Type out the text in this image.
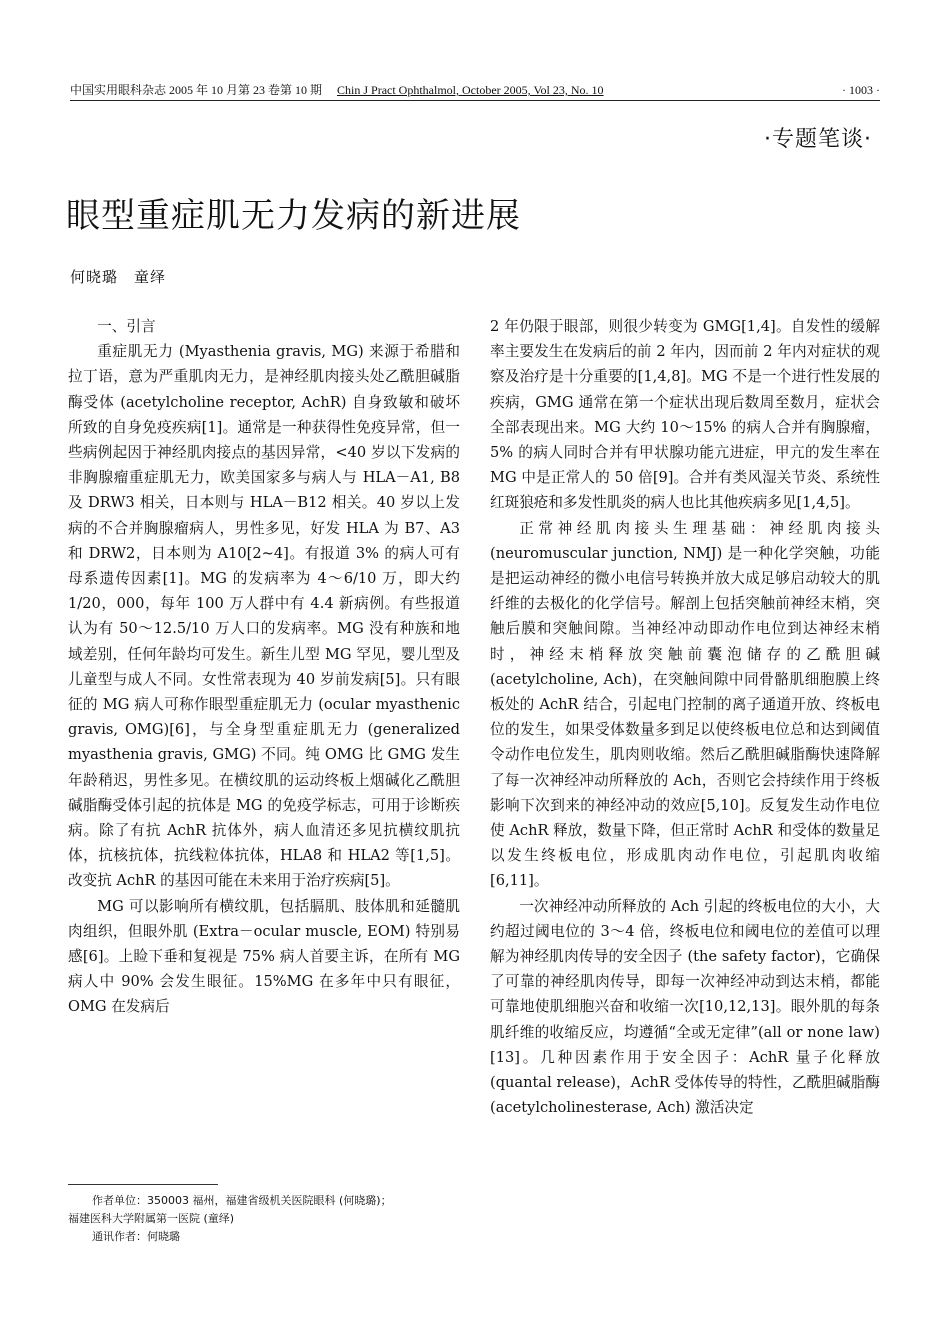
中国实用眼科杂志 2005 年 10 月第 23 卷第 10 期 Chin J Pract Ophthalmol, October 2005, Vol 23, No. 10	· 1003 ·
·专题笔谈·
眼型重症肌无力发病的新进展
何晓璐　童绎

一、引言

重症肌无力 (Myasthenia gravis, MG) 来源于希腊和拉丁语，意为严重肌肉无力，是神经肌肉接头处乙酰胆碱脂酶受体 (acetylcholine receptor, AchR) 自身致敏和破坏所致的自身免疫疾病[1]。通常是一种获得性免疫异常，但一些病例起因于神经肌肉接点的基因异常，<40 岁以下发病的非胸腺瘤重症肌无力，欧美国家多与病人与 HLA－A1, B8 及 DRW3 相关，日本则与 HLA－B12 相关。40 岁以上发病的不合并胸腺瘤病人，男性多见，好发 HLA 为 B7、A3 和 DRW2，日本则为 A10[2~4]。有报道 3% 的病人可有母系遗传因素[1]。MG 的发病率为 4～6/10 万，即大约 1/20，000，每年 100 万人群中有 4.4 新病例。有些报道认为有 50～12.5/10 万人口的发病率。MG 没有种族和地域差别，任何年龄均可发生。新生儿型 MG 罕见，婴儿型及儿童型与成人不同。女性常表现为 40 岁前发病[5]。只有眼征的 MG 病人可称作眼型重症肌无力 (ocular myasthenic gravis, OMG)[6]，与全身型重症肌无力 (generalized myasthenia gravis, GMG) 不同。纯 OMG 比 GMG 发生年龄稍迟，男性多见。在横纹肌的运动终板上烟碱化乙酰胆碱脂酶受体引起的抗体是 MG 的免疫学标志，可用于诊断疾病。除了有抗 AchR 抗体外，病人血清还多见抗横纹肌抗体，抗核抗体，抗线粒体抗体，HLA8 和 HLA2 等[1,5]。改变抗 AchR 的基因可能在未来用于治疗疾病[5]。

MG 可以影响所有横纹肌，包括膈肌、肢体肌和延髓肌肉组织，但眼外肌 (Extra－ocular muscle, EOM) 特别易感[6]。上睑下垂和复视是 75% 病人首要主诉，在所有 MG 病人中 90% 会发生眼征。15%MG 在多年中只有眼征，OMG 在发病后

2 年仍限于眼部，则很少转变为 GMG[1,4]。自发性的缓解率主要发生在发病后的前 2 年内，因而前 2 年内对症状的观察及治疗是十分重要的[1,4,8]。MG 不是一个进行性发展的疾病，GMG 通常在第一个症状出现后数周至数月，症状会全部表现出来。MG 大约 10～15% 的病人合并有胸腺瘤，5% 的病人同时合并有甲状腺功能亢进症，甲亢的发生率在 MG 中是正常人的 50 倍[9]。合并有类风湿关节炎、系统性红斑狼疮和多发性肌炎的病人也比其他疾病多见[1,4,5]。

正常神经肌肉接头生理基础：神经肌肉接头 (neuromuscular junction, NMJ) 是一种化学突触，功能是把运动神经的微小电信号转换并放大成足够启动较大的肌纤维的去极化的化学信号。解剖上包括突触前神经末梢，突触后膜和突触间隙。当神经冲动即动作电位到达神经末梢时，神经末梢释放突触前囊泡储存的乙酰胆碱 (acetylcholine, Ach)，在突触间隙中同骨骼肌细胞膜上终板处的 AchR 结合，引起电门控制的离子通道开放、终板电位的发生，如果受体数量多到足以使终板电位总和达到阈值令动作电位发生，肌肉则收缩。然后乙酰胆碱脂酶快速降解了每一次神经冲动所释放的 Ach，否则它会持续作用于终板影响下次到来的神经冲动的效应[5,10]。反复发生动作电位使 AchR 释放，数量下降，但正常时 AchR 和受体的数量足以发生终板电位，形成肌肉动作电位，引起肌肉收缩[6,11]。

一次神经冲动所释放的 Ach 引起的终板电位的大小，大约超过阈电位的 3～4 倍，终板电位和阈电位的差值可以理解为神经肌肉传导的安全因子 (the safety factor)，它确保了可靠的神经肌肉传导，即每一次神经冲动到达末梢，都能可靠地使肌细胞兴奋和收缩一次[10,12,13]。眼外肌的每条肌纤维的收缩反应，均遵循“全或无定律”(all or none law)[13]。几种因素作用于安全因子：AchR 量子化释放 (quantal release)，AchR 受体传导的特性，乙酰胆碱脂酶 (acetylcholinesterase, Ach) 激活决定

作者单位：350003 福州，福建省级机关医院眼科 (何晓璐)；
福建医科大学附属第一医院 (童绎)
通讯作者：何晓璐
